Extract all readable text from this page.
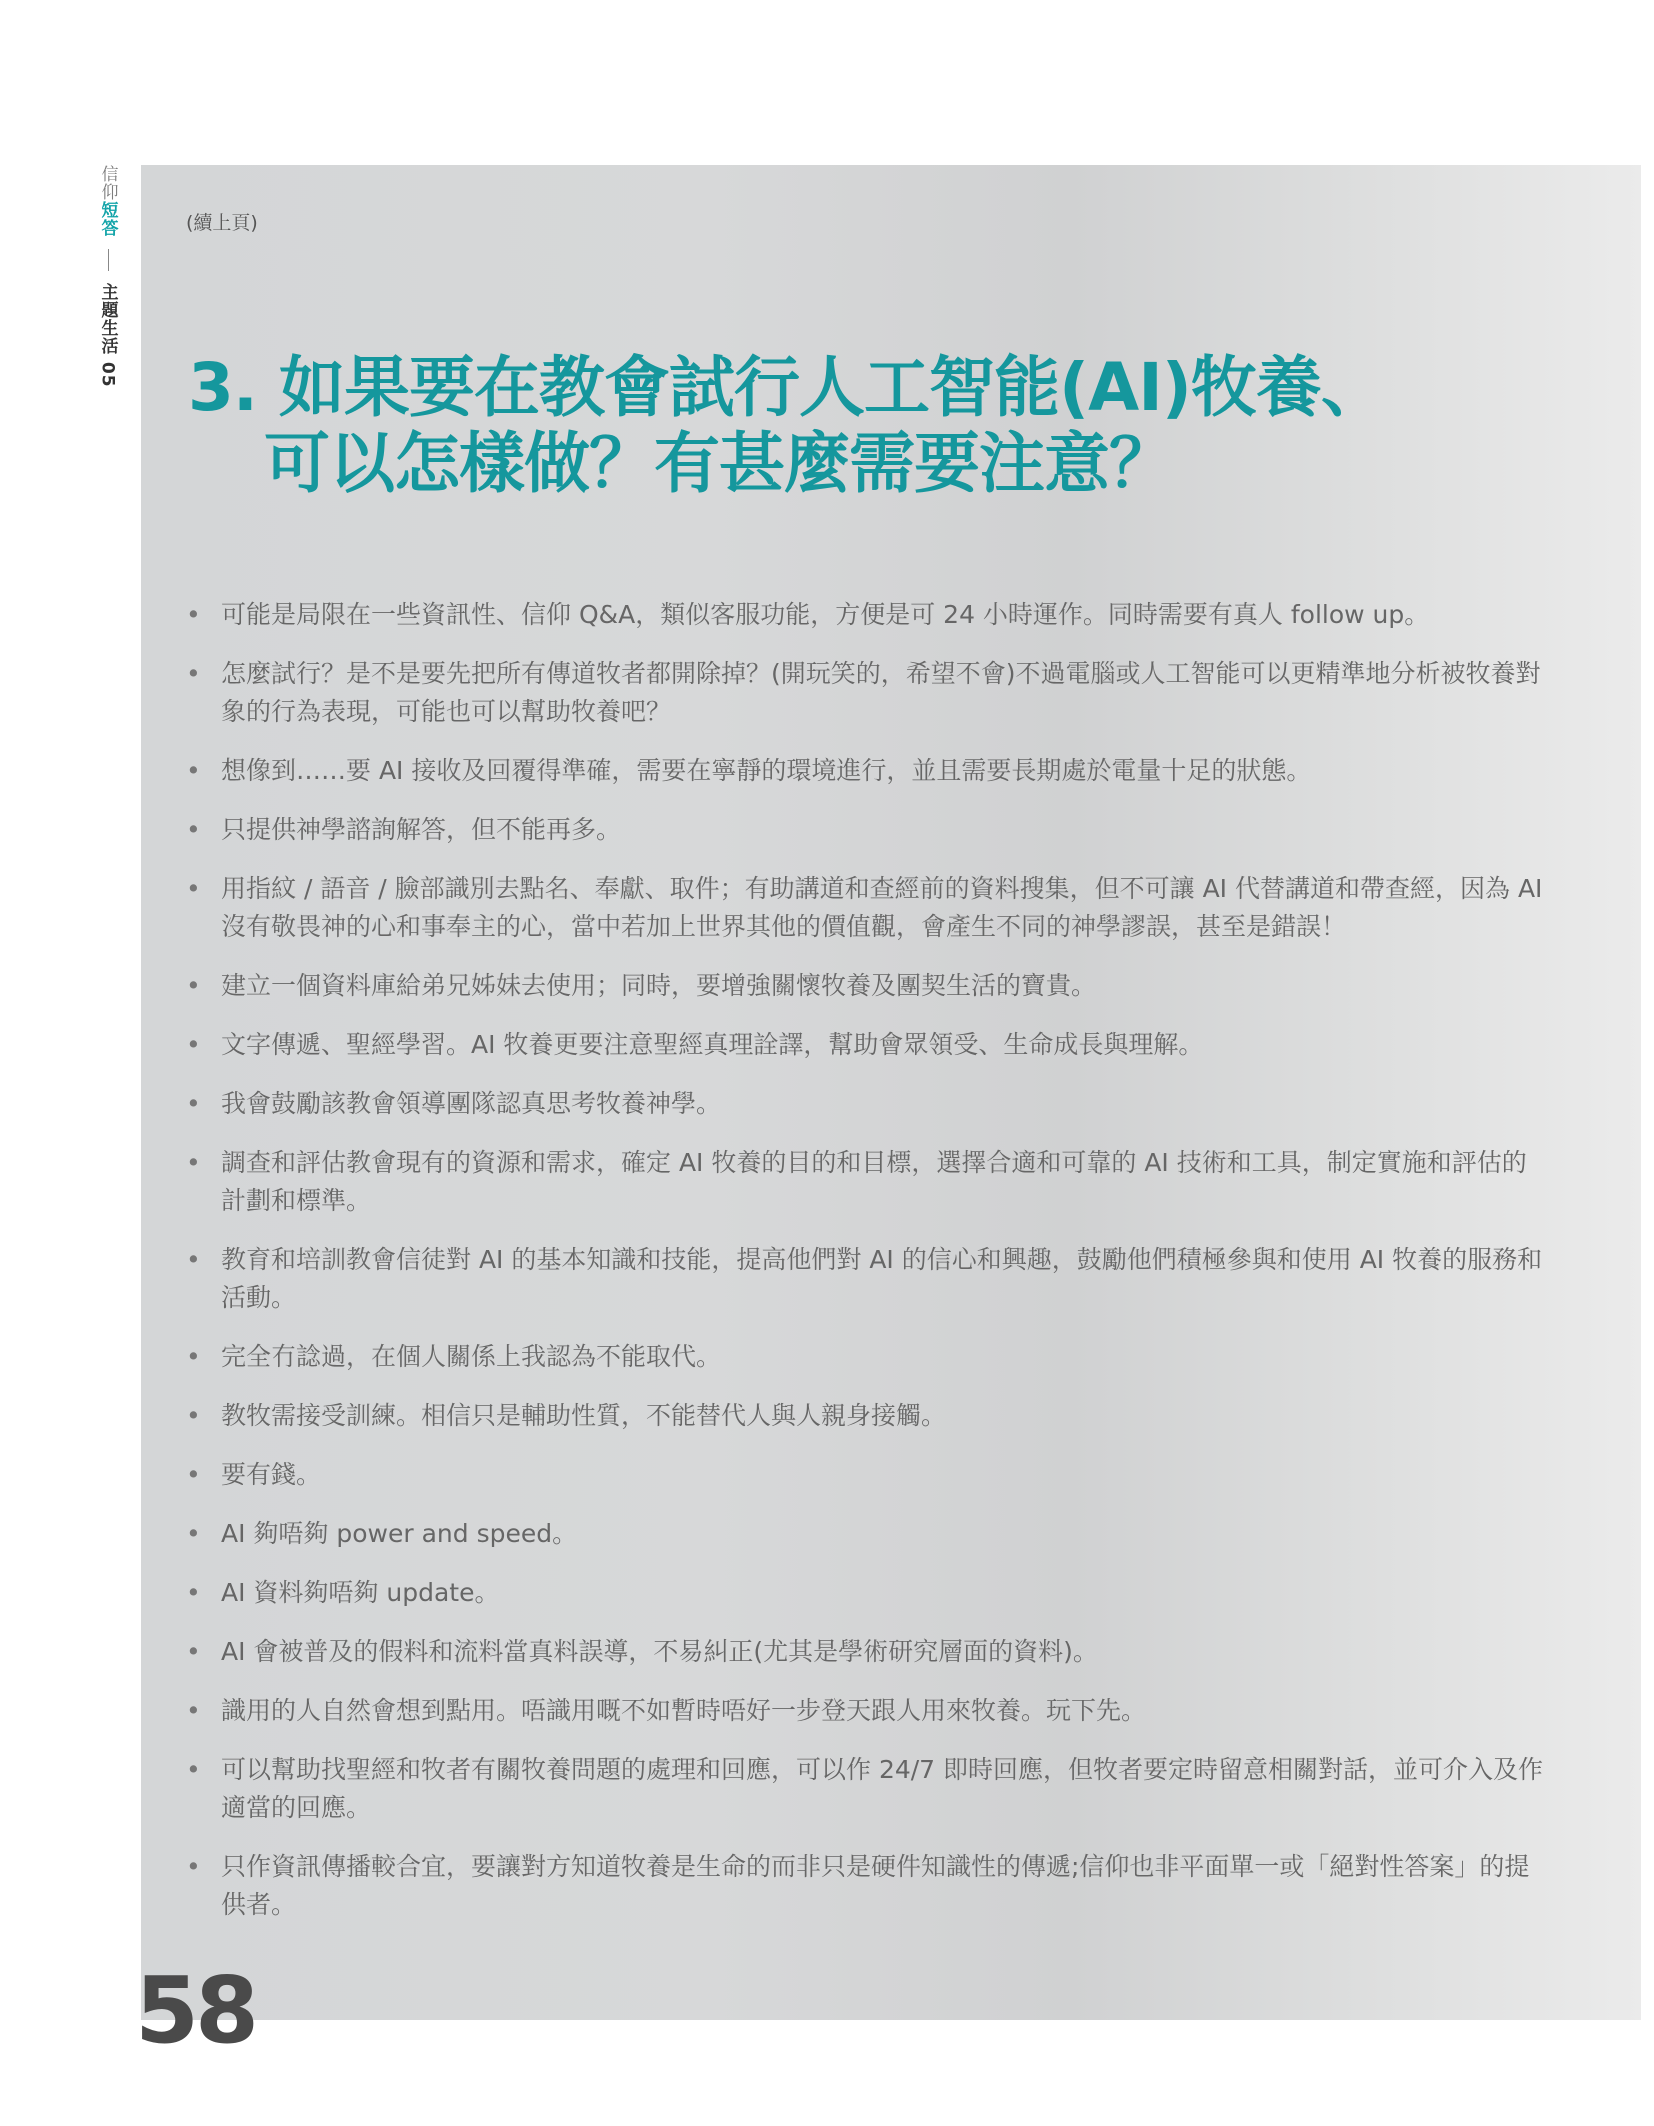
信仰短答
主題生活 05
(續上頁)
3. 如果要在教會試行人工智能(AI)牧養、
可以怎樣做？有甚麼需要注意？
• 可能是局限在一些資訊性、信仰 Q&A，類似客服功能，方便是可 24 小時運作。同時需要有真人 follow up。
• 怎麼試行？是不是要先把所有傳道牧者都開除掉？(開玩笑的，希望不會)不過電腦或人工智能可以更精準地分析被牧養對象的行為表現，可能也可以幫助牧養吧？
• 想像到……要 AI 接收及回覆得準確，需要在寧靜的環境進行，並且需要長期處於電量十足的狀態。
• 只提供神學諮詢解答，但不能再多。
• 用指紋 / 語音 / 臉部識別去點名、奉獻、取件；有助講道和查經前的資料搜集，但不可讓 AI 代替講道和帶查經，因為 AI 沒有敬畏神的心和事奉主的心，當中若加上世界其他的價值觀，會產生不同的神學謬誤，甚至是錯誤！
• 建立一個資料庫給弟兄姊妹去使用；同時，要增強關懷牧養及團契生活的寶貴。
• 文字傳遞、聖經學習。AI 牧養更要注意聖經真理詮譯，幫助會眾領受、生命成長與理解。
• 我會鼓勵該教會領導團隊認真思考牧養神學。
• 調查和評估教會現有的資源和需求，確定 AI 牧養的目的和目標，選擇合適和可靠的 AI 技術和工具，制定實施和評估的計劃和標準。
• 教育和培訓教會信徒對 AI 的基本知識和技能，提高他們對 AI 的信心和興趣，鼓勵他們積極參與和使用 AI 牧養的服務和活動。
• 完全冇諗過，在個人關係上我認為不能取代。
• 教牧需接受訓練。相信只是輔助性質，不能替代人與人親身接觸。
• 要有錢。
• AI 夠唔夠 power and speed。
• AI 資料夠唔夠 update。
• AI 會被普及的假料和流料當真料誤導，不易糾正(尤其是學術研究層面的資料)。
• 識用的人自然會想到點用。唔識用嘅不如暫時唔好一步登天跟人用來牧養。玩下先。
• 可以幫助找聖經和牧者有關牧養問題的處理和回應，可以作 24/7 即時回應，但牧者要定時留意相關對話，並可介入及作適當的回應。
• 只作資訊傳播較合宜，要讓對方知道牧養是生命的而非只是硬件知識性的傳遞;信仰也非平面單一或「絕對性答案」的提供者。
58
